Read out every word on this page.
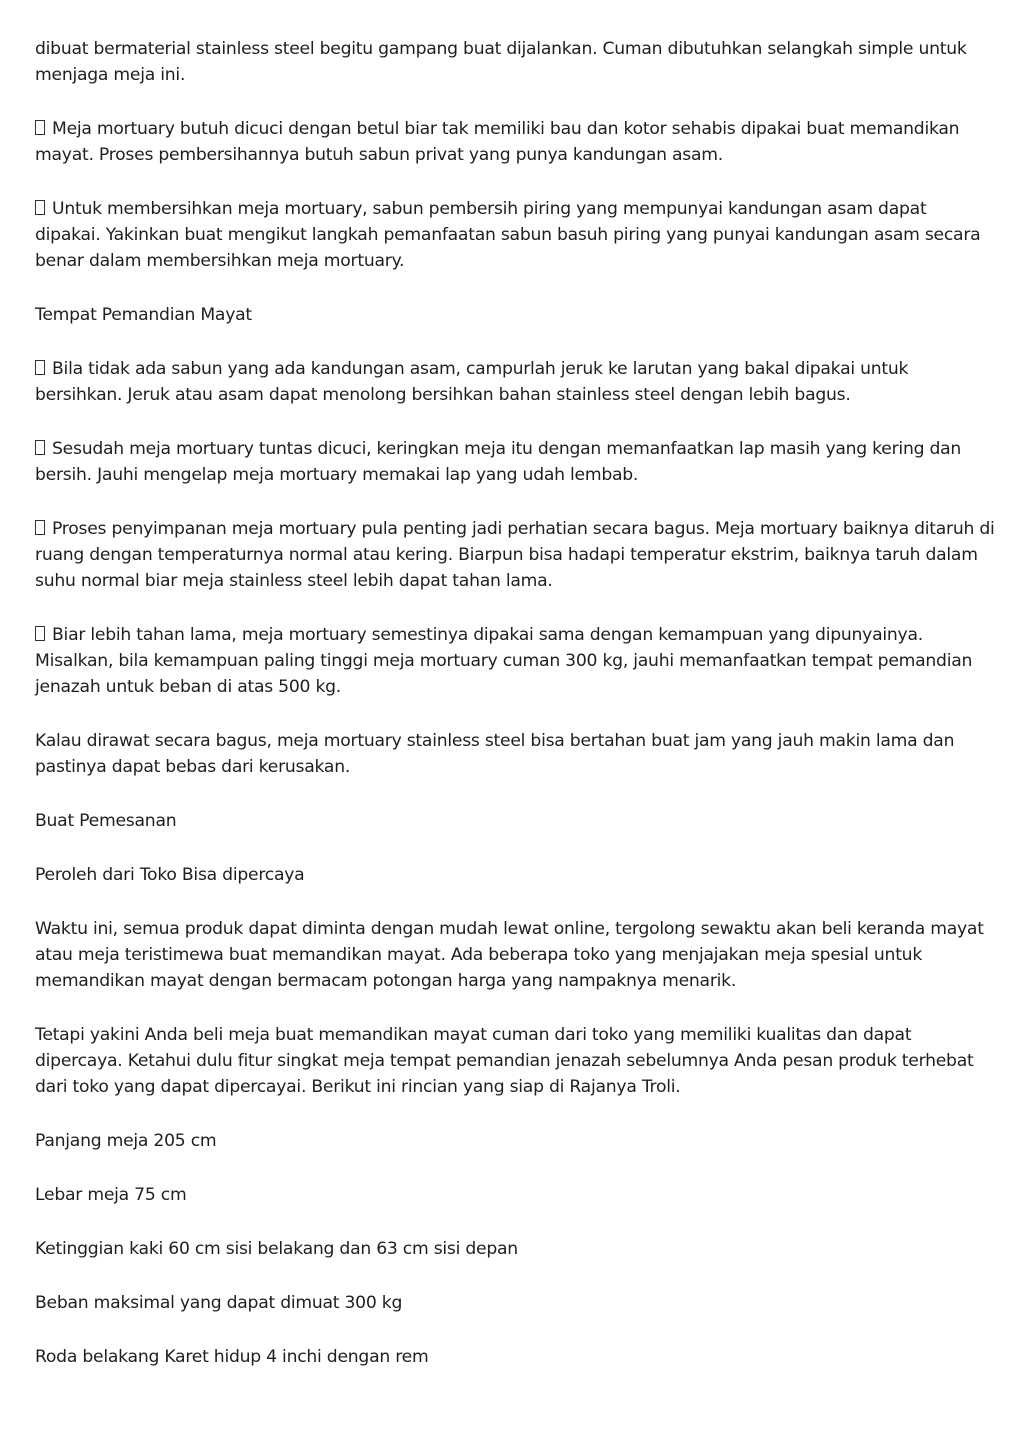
dibuat bermaterial stainless steel begitu gampang buat dijalankan. Cuman dibutuhkan selangkah simple untuk menjaga meja ini.

Meja mortuary butuh dicuci dengan betul biar tak memiliki bau dan kotor sehabis dipakai buat memandikan mayat. Proses pembersihannya butuh sabun privat yang punya kandungan asam.

Untuk membersihkan meja mortuary, sabun pembersih piring yang mempunyai kandungan asam dapat dipakai. Yakinkan buat mengikut langkah pemanfaatan sabun basuh piring yang punyai kandungan asam secara benar dalam membersihkan meja mortuary.

Tempat Pemandian Mayat

Bila tidak ada sabun yang ada kandungan asam, campurlah jeruk ke larutan yang bakal dipakai untuk bersihkan. Jeruk atau asam dapat menolong bersihkan bahan stainless steel dengan lebih bagus.

Sesudah meja mortuary tuntas dicuci, keringkan meja itu dengan memanfaatkan lap masih yang kering dan bersih. Jauhi mengelap meja mortuary memakai lap yang udah lembab.

Proses penyimpanan meja mortuary pula penting jadi perhatian secara bagus. Meja mortuary baiknya ditaruh di ruang dengan temperaturnya normal atau kering. Biarpun bisa hadapi temperatur ekstrim, baiknya taruh dalam suhu normal biar meja stainless steel lebih dapat tahan lama.

Biar lebih tahan lama, meja mortuary semestinya dipakai sama dengan kemampuan yang dipunyainya. Misalkan, bila kemampuan paling tinggi meja mortuary cuman 300 kg, jauhi memanfaatkan tempat pemandian jenazah untuk beban di atas 500 kg.

Kalau dirawat secara bagus, meja mortuary stainless steel bisa bertahan buat jam yang jauh makin lama dan pastinya dapat bebas dari kerusakan.

Buat Pemesanan

Peroleh dari Toko Bisa dipercaya

Waktu ini, semua produk dapat diminta dengan mudah lewat online, tergolong sewaktu akan beli keranda mayat atau meja teristimewa buat memandikan mayat. Ada beberapa toko yang menjajakan meja spesial untuk memandikan mayat dengan bermacam potongan harga yang nampaknya menarik.

Tetapi yakini Anda beli meja buat memandikan mayat cuman dari toko yang memiliki kualitas dan dapat dipercaya. Ketahui dulu fitur singkat meja tempat pemandian jenazah sebelumnya Anda pesan produk terhebat dari toko yang dapat dipercayai. Berikut ini rincian yang siap di Rajanya Troli.

Panjang meja 205 cm

Lebar meja 75 cm

Ketinggian kaki 60 cm sisi belakang dan 63 cm sisi depan

Beban maksimal yang dapat dimuat 300 kg

Roda belakang Karet hidup 4 inchi dengan rem
